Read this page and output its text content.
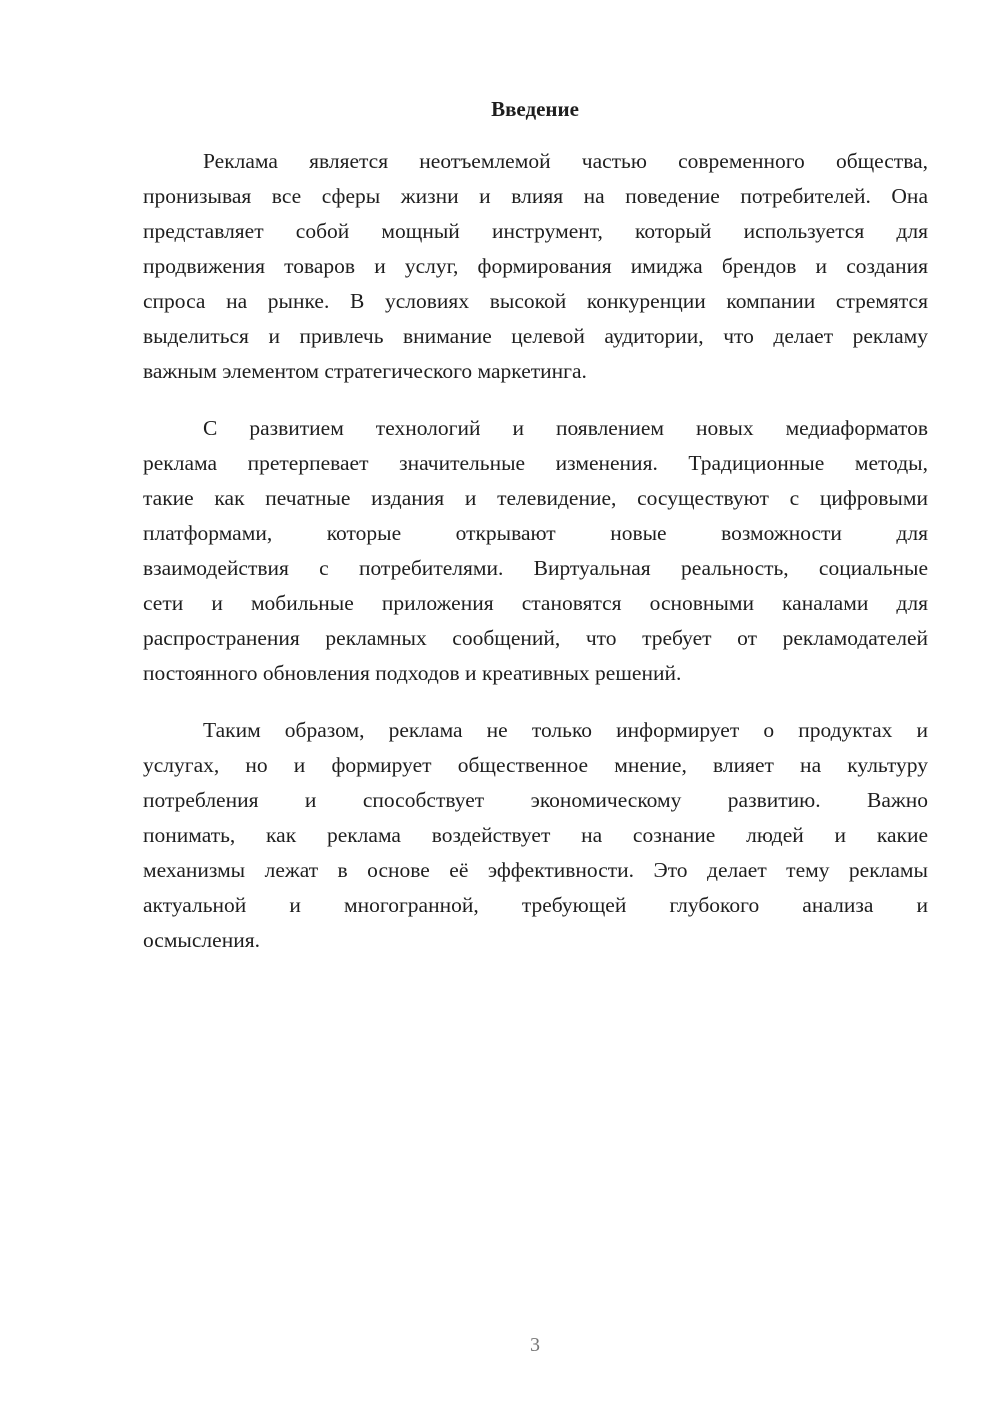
Введение
Реклама является неотъемлемой частью современного общества,
пронизывая все сферы жизни и влияя на поведение потребителей. Она
представляет собой мощный инструмент, который используется для
продвижения товаров и услуг, формирования имиджа брендов и создания
спроса на рынке. В условиях высокой конкуренции компании стремятся
выделиться и привлечь внимание целевой аудитории, что делает рекламу
важным элементом стратегического маркетинга.
С развитием технологий и появлением новых медиаформатов
реклама претерпевает значительные изменения. Традиционные методы,
такие как печатные издания и телевидение, сосуществуют с цифровыми
платформами, которые открывают новые возможности для
взаимодействия с потребителями. Виртуальная реальность, социальные
сети и мобильные приложения становятся основными каналами для
распространения рекламных сообщений, что требует от рекламодателей
постоянного обновления подходов и креативных решений.
Таким образом, реклама не только информирует о продуктах и
услугах, но и формирует общественное мнение, влияет на культуру
потребления и способствует экономическому развитию. Важно
понимать, как реклама воздействует на сознание людей и какие
механизмы лежат в основе её эффективности. Это делает тему рекламы
актуальной и многогранной, требующей глубокого анализа и
осмысления.
3
